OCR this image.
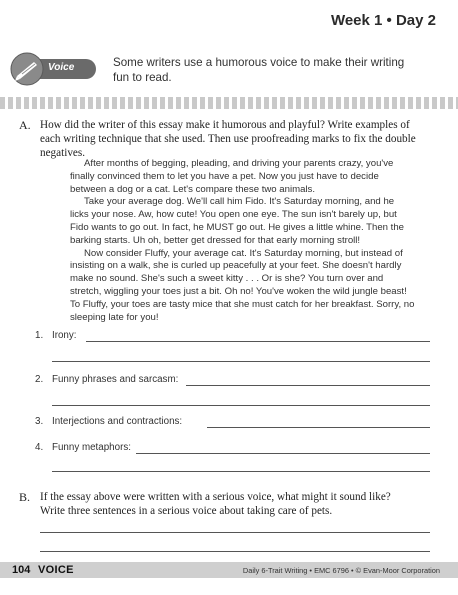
Week 1 • Day 2
Voice	Some writers use a humorous voice to make their writing fun to read.
A. How did the writer of this essay make it humorous and playful? Write examples of each writing technique that she used. Then use proofreading marks to fix the double negatives.

After months of begging, pleading, and driving your parents crazy, you've finally convinced them to let you have a pet. Now you just have to decide between a dog or a cat. Let's compare these two animals.

Take your average dog. We'll call him Fido. It's Saturday morning, and he licks your nose. Aw, how cute! You open one eye. The sun isn't barely up, but Fido wants to go out. In fact, he MUST go out. He gives a little whine. Then the barking starts. Uh oh, better get dressed for that early morning stroll!

Now consider Fluffy, your average cat. It's Saturday morning, but instead of insisting on a walk, she is curled up peacefully at your feet. She doesn't hardly make no sound. She's such a sweet kitty . . . Or is she? You turn over and stretch, wiggling your toes just a bit. Oh no! You've woken the wild jungle beast! To Fluffy, your toes are tasty mice that she must catch for her breakfast. Sorry, no sleeping late for you!

1. Irony:
2. Funny phrases and sarcasm:
3. Interjections and contractions:
4. Funny metaphors:
B. If the essay above were written with a serious voice, what might it sound like? Write three sentences in a serious voice about taking care of pets.
104 VOICE	Daily 6-Trait Writing • EMC 6796 • © Evan-Moor Corporation
